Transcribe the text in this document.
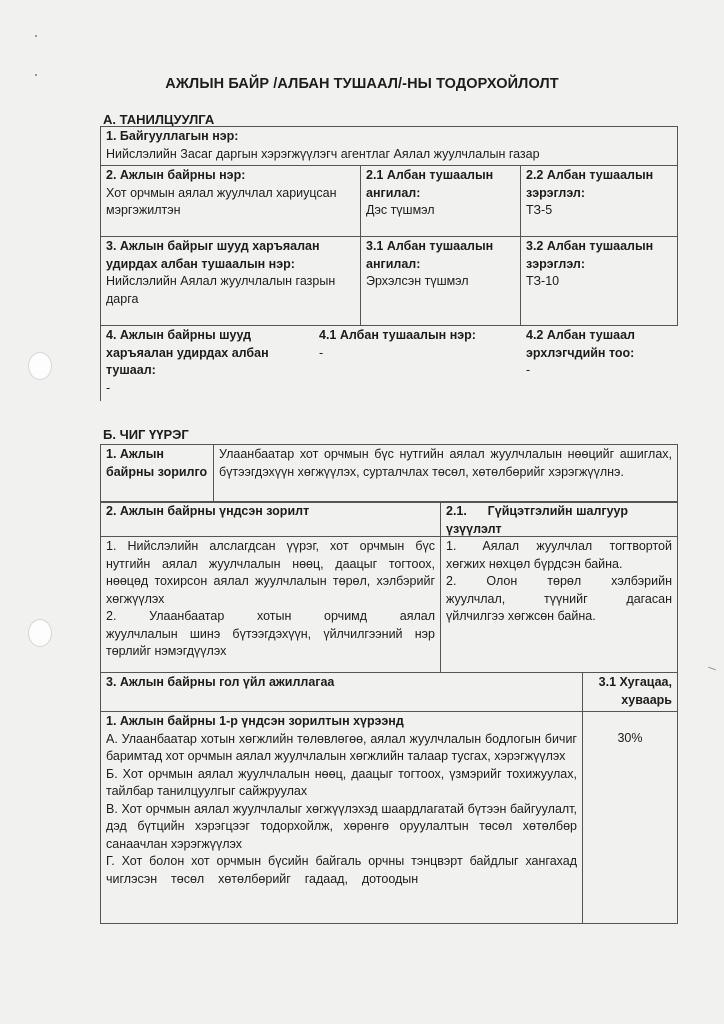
АЖЛЫН БАЙР /АЛБАН ТУШААЛ/-НЫ ТОДОРХОЙЛОЛТ
А. ТАНИЛЦУУЛГА
1. Байгууллагын нэр:
Нийслэлийн Засаг даргын хэрэгжүүлэгч агентлаг Аялал жуулчлалын газар
2. Ажлын байрны нэр:
Хот орчмын аялал жуулчлал хариуцсан мэргэжилтэн
2.1 Албан тушаалын ангилал:
Дэс түшмэл
2.2 Албан тушаалын зэрэглэл:
ТЗ-5
3. Ажлын байрыг шууд харъяалан удирдах албан тушаалын нэр:
Нийслэлийн Аялал жуулчлалын газрын дарга
3.1 Албан тушаалын ангилал:
Эрхэлсэн түшмэл
3.2 Албан тушаалын зэрэглэл:
ТЗ-10
4. Ажлын байрны шууд харъяалан удирдах албан тушаал:
-
4.1 Албан тушаалын нэр:
-
4.2 Албан тушаал эрхлэгчдийн тоо:
-
Б. ЧИГ ҮҮРЭГ
1. Ажлын байрны зорилго
Улаанбаатар хот орчмын бүс нутгийн аялал жуулчлалын нөөцийг ашиглах, бүтээгдэхүүн хөгжүүлэх, сурталчлах төсөл, хөтөлбөрийг хэрэгжүүлнэ.
2. Ажлын байрны үндсэн зорилт	2.1.      Гүйцэтгэлийн шалгуур үзүүлэлт
1. Нийслэлийн алслагдсан үүрэг, хот орчмын бүс нутгийн аялал жуулчлалын нөөц, даацыг тогтоох, нөөцөд тохирсон аялал жуулчлалын төрөл, хэлбэрийг хөгжүүлэх
2.      Улаанбаатар      хотын      орчимд      аялал жуулчлалын шинэ бүтээгдэхүүн, үйлчилгээний нэр төрлийг нэмэгдүүлэх
1.   Аялал  жуулчлал  тогтвортой хөгжих нөхцөл бүрдсэн байна.
2.      Олон      төрөл      хэлбэрийн жуулчлал,     түүнийг     дагасан үйлчилгээ хөгжсөн байна.
3. Ажлын байрны гол үйл ажиллагаа	3.1 Хугацаа, хуваарь
1. Ажлын байрны 1-р үндсэн зорилтын хүрээнд
А. Улаанбаатар хотын хөгжлийн төлөвлөгөө, аялал жуулчлалын бодлогын бичиг баримтад хот орчмын аялал жуулчлалын хөгжлийн талаар тусгах, хэрэгжүүлэх
Б. Хот орчмын аялал жуулчлалын нөөц, даацыг тогтоох, үзмэрийг тохижуулах, тайлбар танилцуулгыг сайжруулах
В. Хот орчмын аялал жуулчлалыг хөгжүүлэхэд шаардлагатай бүтээн байгуулалт, дэд бүтцийн хэрэгцээг тодорхойлж, хөрөнгө оруулалтын төсөл хөтөлбөр санаачлан хэрэгжүүлэх
Г. Хот болон хот орчмын бүсийн байгаль орчны тэнцвэрт байдлыг хангахад    чиглэсэн    төсөл    хөтөлбөрийг    гадаад,    дотоодын
30%
